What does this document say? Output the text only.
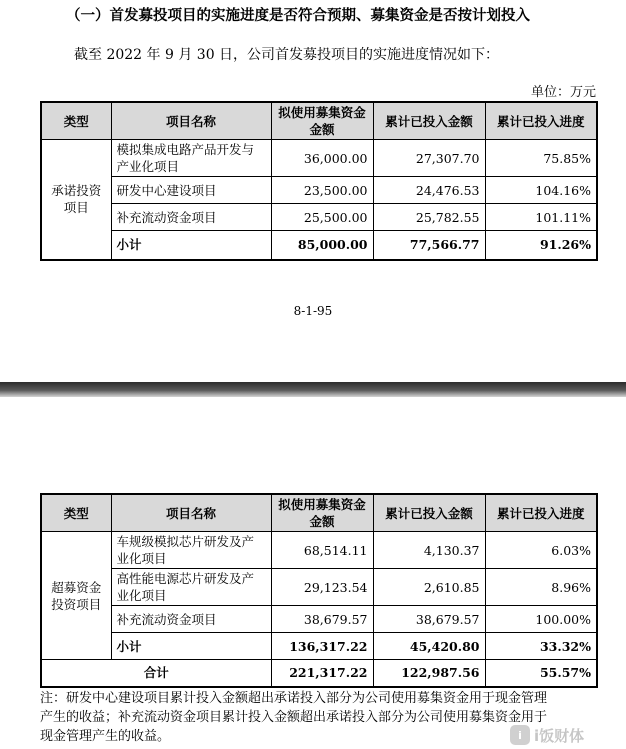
（一）首发募投项目的实施进度是否符合预期、募集资金是否按计划投入
截至 2022 年 9 月 30 日，公司首发募投项目的实施进度情况如下：
单位：万元
类型	项目名称	拟使用募集资金金额	累计已投入金额	累计已投入进度
承诺投资项目	模拟集成电路产品开发与产业化项目	36,000.00	27,307.70	75.85%
	研发中心建设项目	23,500.00	24,476.53	104.16%
	补充流动资金项目	25,500.00	25,782.55	101.11%
	小计	85,000.00	77,566.77	91.26%
8-1-95
类型	项目名称	拟使用募集资金金额	累计已投入金额	累计已投入进度
超募资金投资项目	车规级模拟芯片研发及产业化项目	68,514.11	4,130.37	6.03%
	高性能电源芯片研发及产业化项目	29,123.54	2,610.85	8.96%
	补充流动资金项目	38,679.57	38,679.57	100.00%
	小计	136,317.22	45,420.80	33.32%
合计		221,317.22	122,987.56	55.57%
注：研发中心建设项目累计投入金额超出承诺投入部分为公司使用募集资金用于现金管理
产生的收益；补充流动资金项目累计投入金额超出承诺投入部分为公司使用募集资金用于
现金管理产生的收益。	i i饭财体
